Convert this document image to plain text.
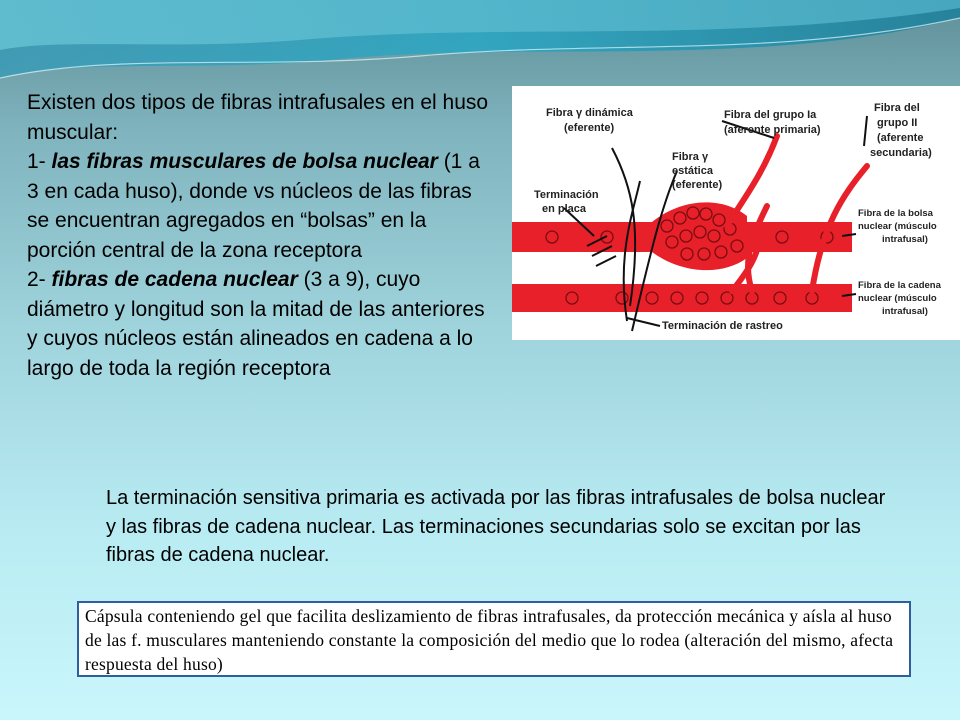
Existen dos tipos de fibras intrafusales en el huso muscular:

1- las fibras musculares de bolsa nuclear (1 a 3 en cada huso), donde vs núcleos de las fibras se encuentran agregados en “bolsas” en la porción central de la zona receptora

2- fibras de cadena nuclear (3 a 9), cuyo diámetro y longitud son la mitad de las anteriores y cuyos núcleos están alineados en cadena a lo largo de toda la región receptora

Fibra γ dinámica
(eferente)
Fibra γ
estática
(eferente)
Terminación
en placa
Fibra del grupo Ia
(aferente primaria)
Fibra del
grupo II
(aferente
secundaria)
Fibra de la bolsa
nuclear (músculo
intrafusal)
Fibra de la cadena
nuclear (músculo
intrafusal)
Terminación de rastreo
La terminación sensitiva primaria es activada por las fibras intrafusales de bolsa nuclear y las fibras de cadena nuclear. Las terminaciones secundarias solo se excitan por las fibras de cadena nuclear.
Cápsula conteniendo gel que facilita deslizamiento de fibras intrafusales, da protección mecánica y aísla al huso de las f. musculares manteniendo constante la composición del medio que lo rodea (alteración del mismo, afecta respuesta del huso)
